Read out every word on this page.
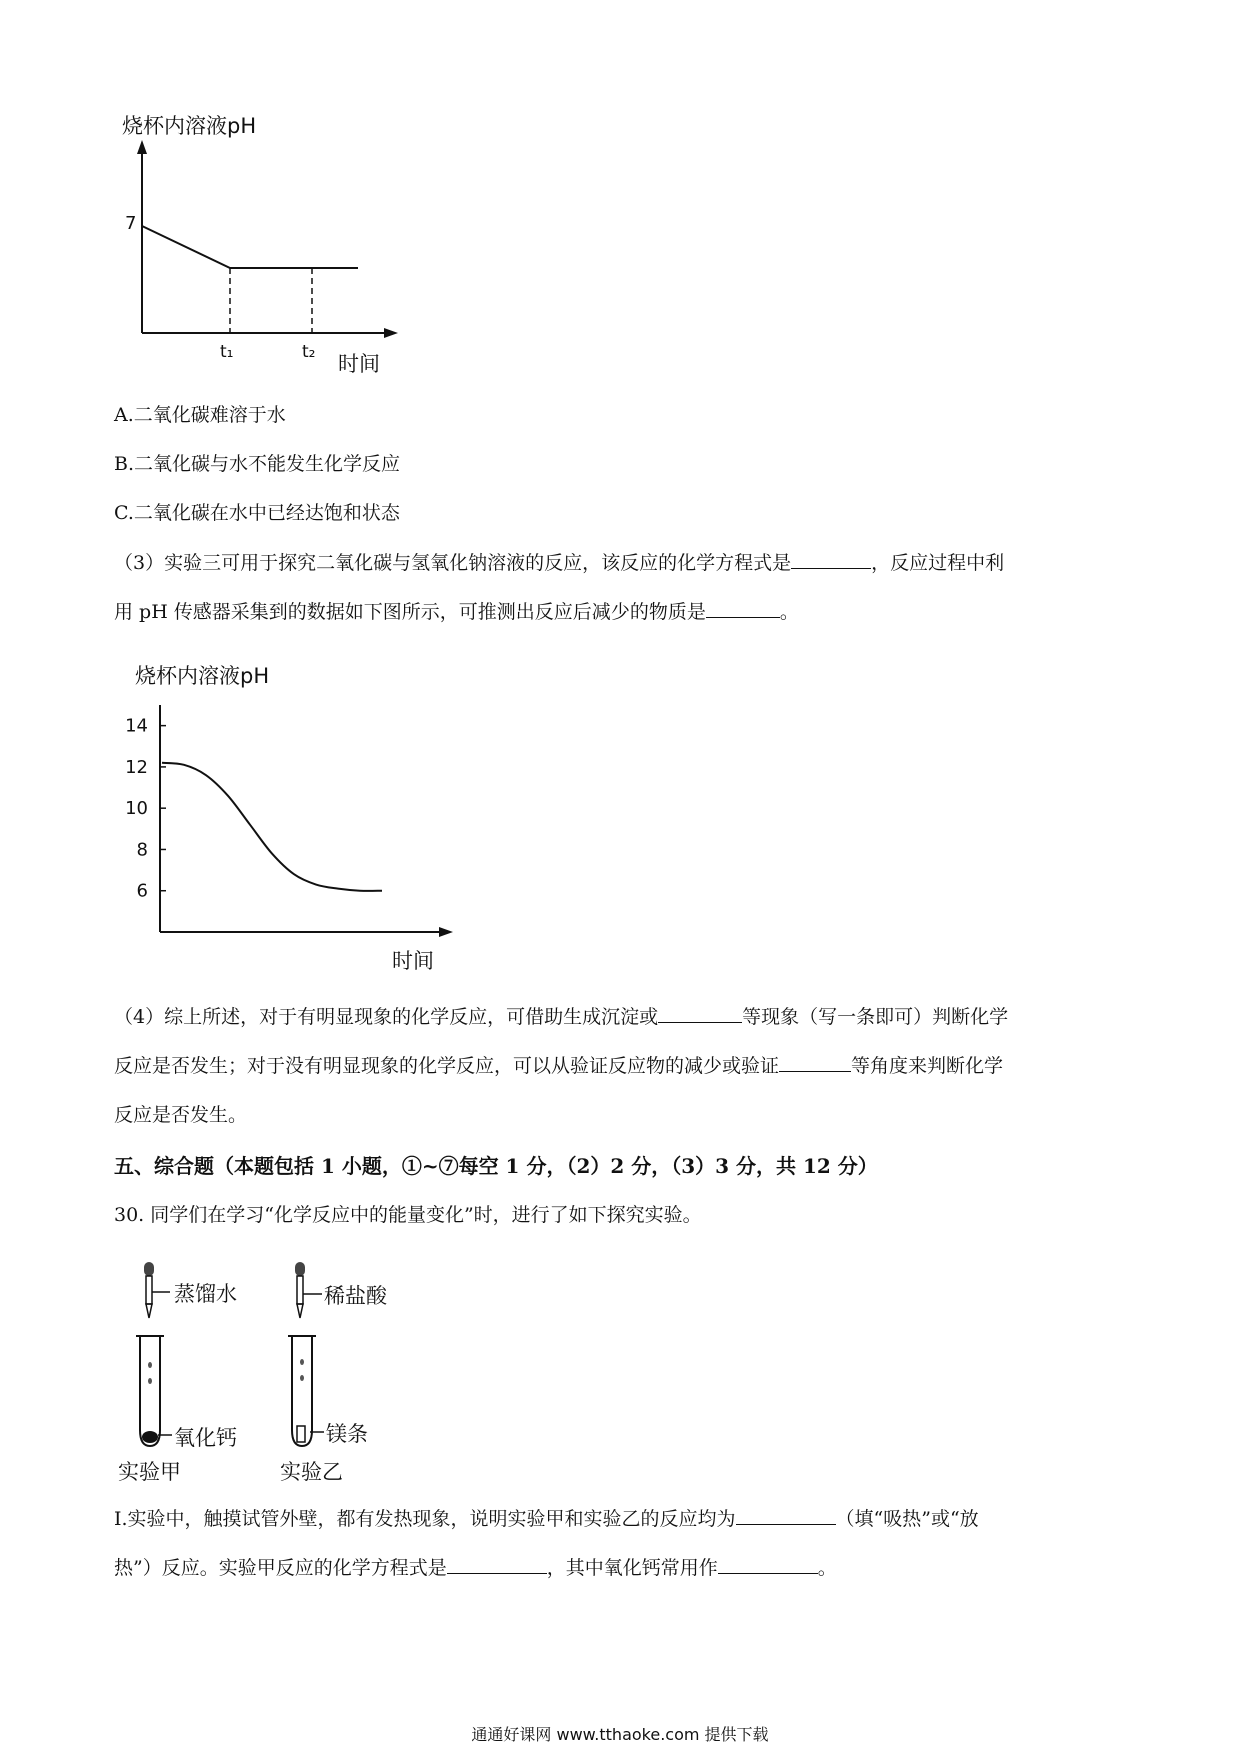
烧杯内溶液pH
7
t₁	t₂ 时间
A.二氧化碳难溶于水
B.二氧化碳与水不能发生化学反应
C.二氧化碳在水中已经达饱和状态
（3）实验三可用于探究二氧化碳与氢氧化钠溶液的反应，该反应的化学方程式是	，反应过程中利
用 pH 传感器采集到的数据如下图所示，可推测出反应后减少的物质是	。
烧杯内溶液pH
14
12
10
8
6
时间
（4）综上所述，对于有明显现象的化学反应，可借助生成沉淀或	等现象（写一条即可）判断化学
反应是否发生；对于没有明显现象的化学反应，可以从验证反应物的减少或验证	等角度来判断化学
反应是否发生。
五、综合题（本题包括 1 小题，①~⑦每空 1 分，（2）2 分，（3）3 分，共 12 分）
30. 同学们在学习“化学反应中的能量变化”时，进行了如下探究实验。
蒸馏水	稀盐酸
氧化钙	镁条
实验甲	实验乙
Ⅰ.实验中，触摸试管外壁，都有发热现象，说明实验甲和实验乙的反应均为	（填“吸热”或“放
热”）反应。实验甲反应的化学方程式是	，其中氧化钙常用作	。
通通好课网 www.tthaoke.com 提供下载
